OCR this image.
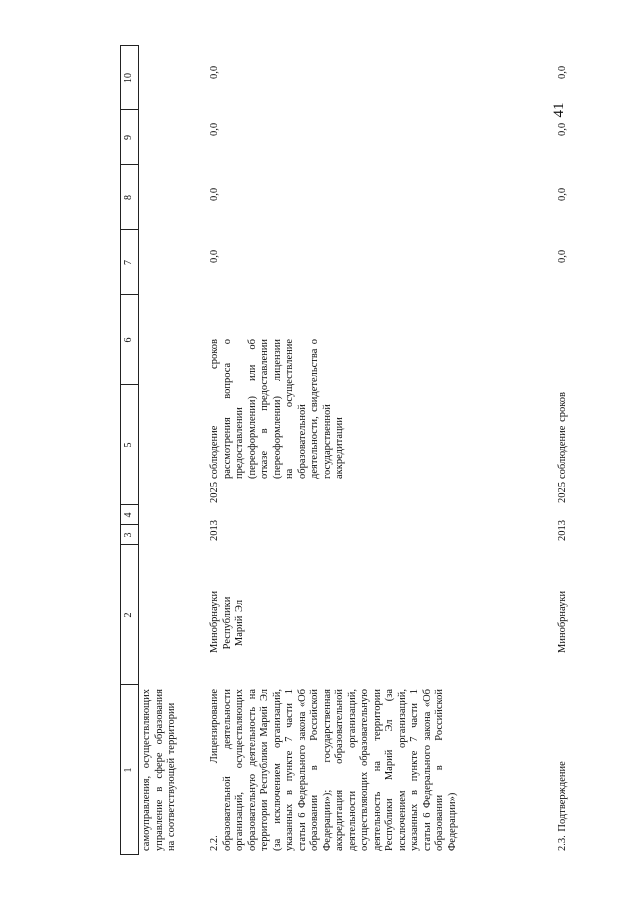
41
1
2
3
4
5
6
7
8
9
10
самоуправления, осуществляющих управление в сфере образования на соответствующей территории	2.2. Лицензирование образовательной деятельности организаций, осуществляющих образовательную деятельность на территории Республики Марий Эл (за исключением организаций, указанных в пункте 7 части 1 статьи 6 Федерального закона «Об образовании в Российской Федерации»); государственная аккредитация образовательной деятельности организаций, осуществляющих образовательную деятельность на территории Республики Марий Эл (за исключением организаций, указанных в пункте 7 части 1 статьи 6 Федерального закона «Об образовании в Российской Федерации»)
Минобрнауки Республики Марий Эл
2013
2025
соблюдение сроков рассмотрения вопроса о предоставлении (переоформлении) или об отказе в предоставлении (переоформлении) лицензии на осуществление образовательной деятельности, свидетельства о государственной аккредитации
0,0
0,0
0,0
0,0
2.3. Подтверждение
Минобрнауки
2013
2025
соблюдение сроков
0,0
0,0
0,0
0,0
